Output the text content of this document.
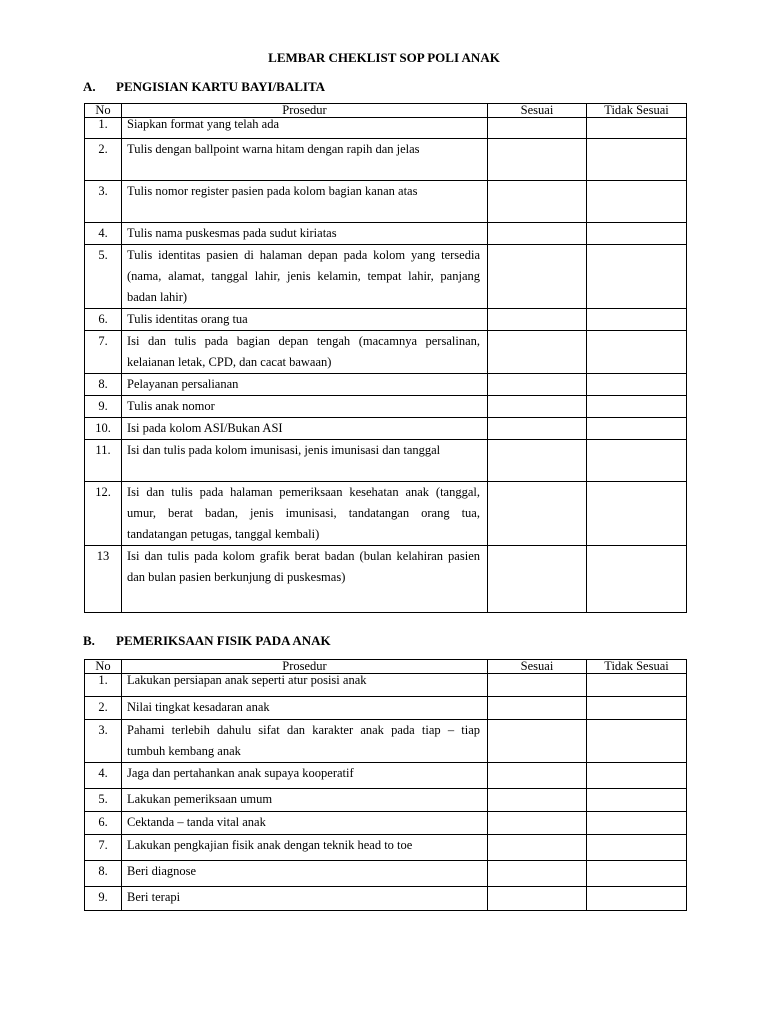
LEMBAR CHEKLIST SOP POLI ANAK
A. PENGISIAN KARTU BAYI/BALITA
No	Prosedur	Sesuai	Tidak Sesuai
1.	Siapkan format yang telah ada		
2.	Tulis dengan ballpoint warna hitam dengan rapih dan jelas		
3.	Tulis nomor register pasien pada kolom bagian kanan atas		
4.	Tulis nama puskesmas pada sudut kiriatas		
5.	Tulis identitas pasien di halaman depan pada kolom yang tersedia (nama, alamat, tanggal lahir, jenis kelamin, tempat lahir, panjang badan lahir)		
6.	Tulis identitas orang tua		
7.	Isi dan tulis pada bagian depan tengah (macamnya persalinan, kelaianan letak, CPD, dan cacat bawaan)		
8.	Pelayanan persalianan		
9.	Tulis anak nomor		
10.	Isi pada kolom ASI/Bukan ASI		
11.	Isi dan tulis pada kolom imunisasi, jenis imunisasi dan tanggal		
12.	Isi dan tulis pada halaman pemeriksaan kesehatan anak (tanggal, umur, berat badan, jenis imunisasi, tandatangan orang tua, tandatangan petugas, tanggal kembali)		
13	Isi dan tulis pada kolom grafik berat badan (bulan kelahiran pasien dan bulan pasien berkunjung di puskesmas)		
B. PEMERIKSAAN FISIK PADA ANAK
No	Prosedur	Sesuai	Tidak Sesuai
1.	Lakukan persiapan anak seperti atur posisi anak		
2.	Nilai tingkat kesadaran anak		
3.	Pahami terlebih dahulu sifat dan karakter anak pada tiap – tiap tumbuh kembang anak		
4.	Jaga dan pertahankan anak supaya kooperatif		
5.	Lakukan pemeriksaan umum		
6.	Cektanda – tanda vital anak		
7.	Lakukan pengkajian fisik anak dengan teknik head to toe		
8.	Beri diagnose		
9.	Beri terapi		
